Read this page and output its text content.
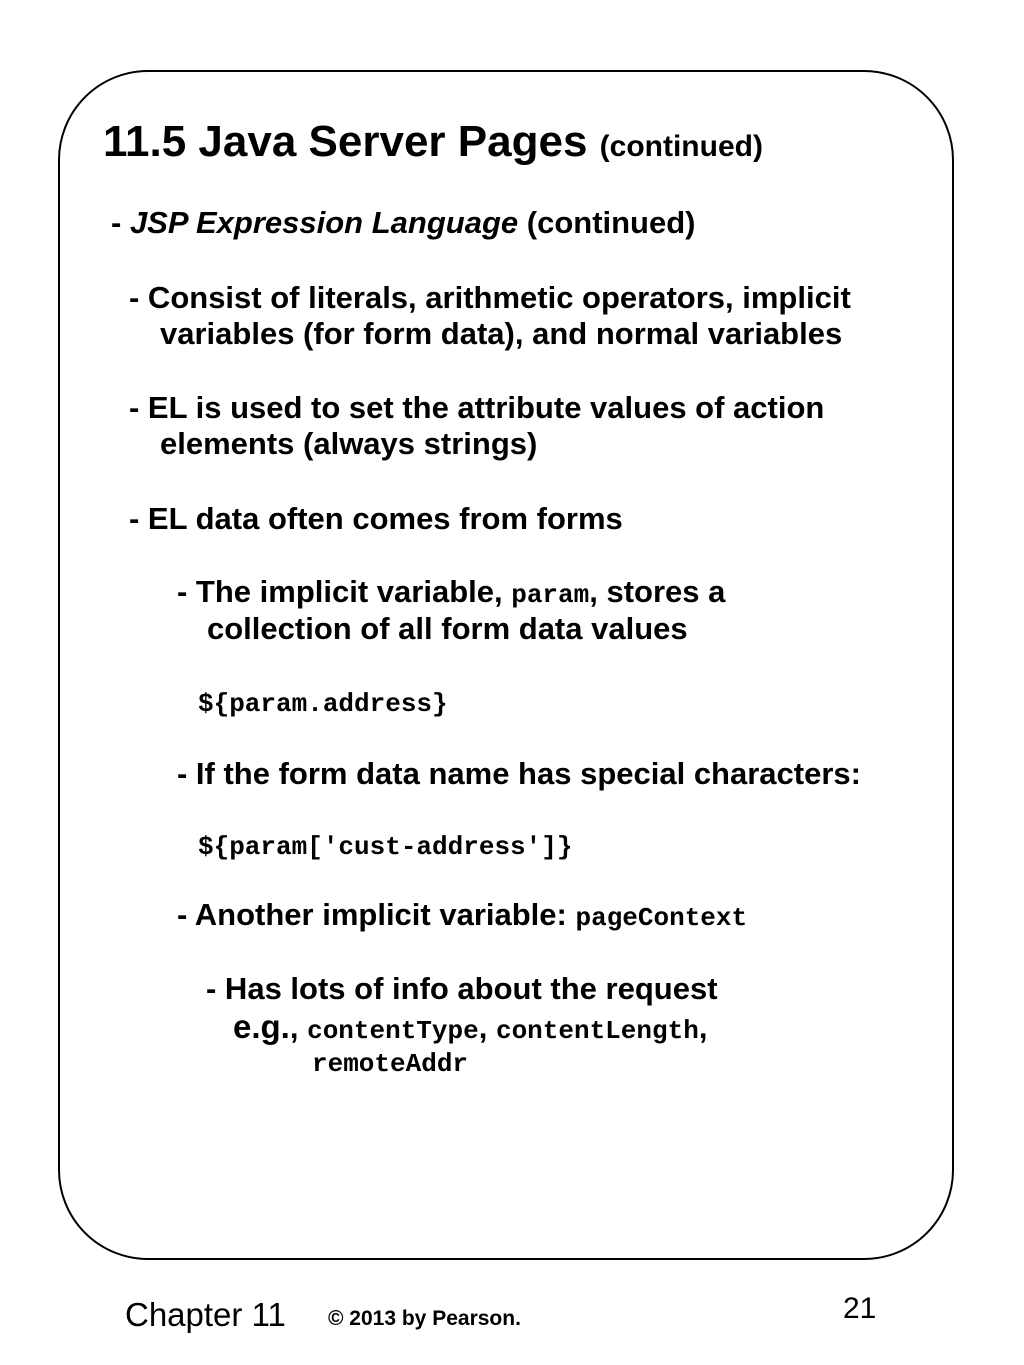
11.5 Java Server Pages (continued)
- JSP Expression Language (continued)
- Consist of literals, arithmetic operators, implicit
variables (for form data), and normal variables
- EL is used to set the attribute values of action
elements (always strings)
- EL data often comes from forms
- The implicit variable, param, stores a
collection of all form data values
${param.address}
- If the form data name has special characters:
${param['cust-address']}
- Another implicit variable: pageContext
- Has lots of info about the request
e.g., contentType, contentLength,
remoteAddr
Chapter 11 © 2013 by Pearson.	21
